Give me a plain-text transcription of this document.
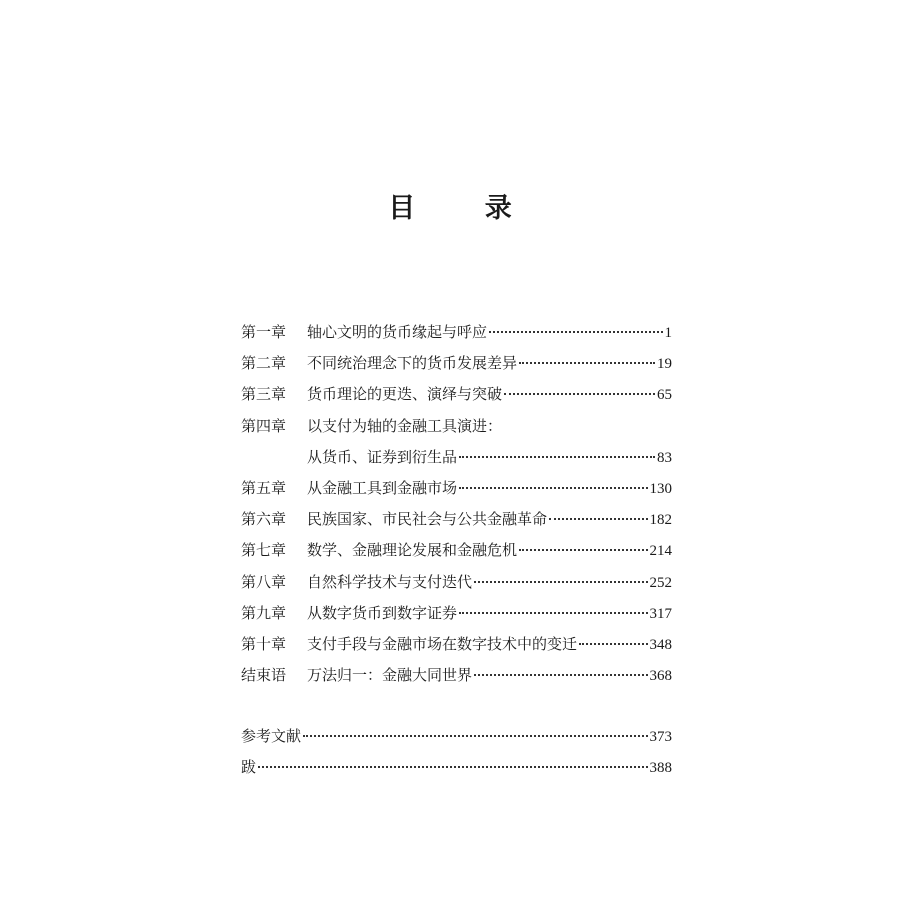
目 录
第一章	轴心文明的货币缘起与呼应	1
第二章	不同统治理念下的货币发展差异	19
第三章	货币理论的更迭、演绎与突破	65
第四章	以支付为轴的金融工具演进：
从货币、证券到衍生品	83
第五章	从金融工具到金融市场	130
第六章	民族国家、市民社会与公共金融革命	182
第七章	数学、金融理论发展和金融危机	214
第八章	自然科学技术与支付迭代	252
第九章	从数字货币到数字证券	317
第十章	支付手段与金融市场在数字技术中的变迁	348
结束语	万法归一：金融大同世界	368
参考文献	373
跋	388
